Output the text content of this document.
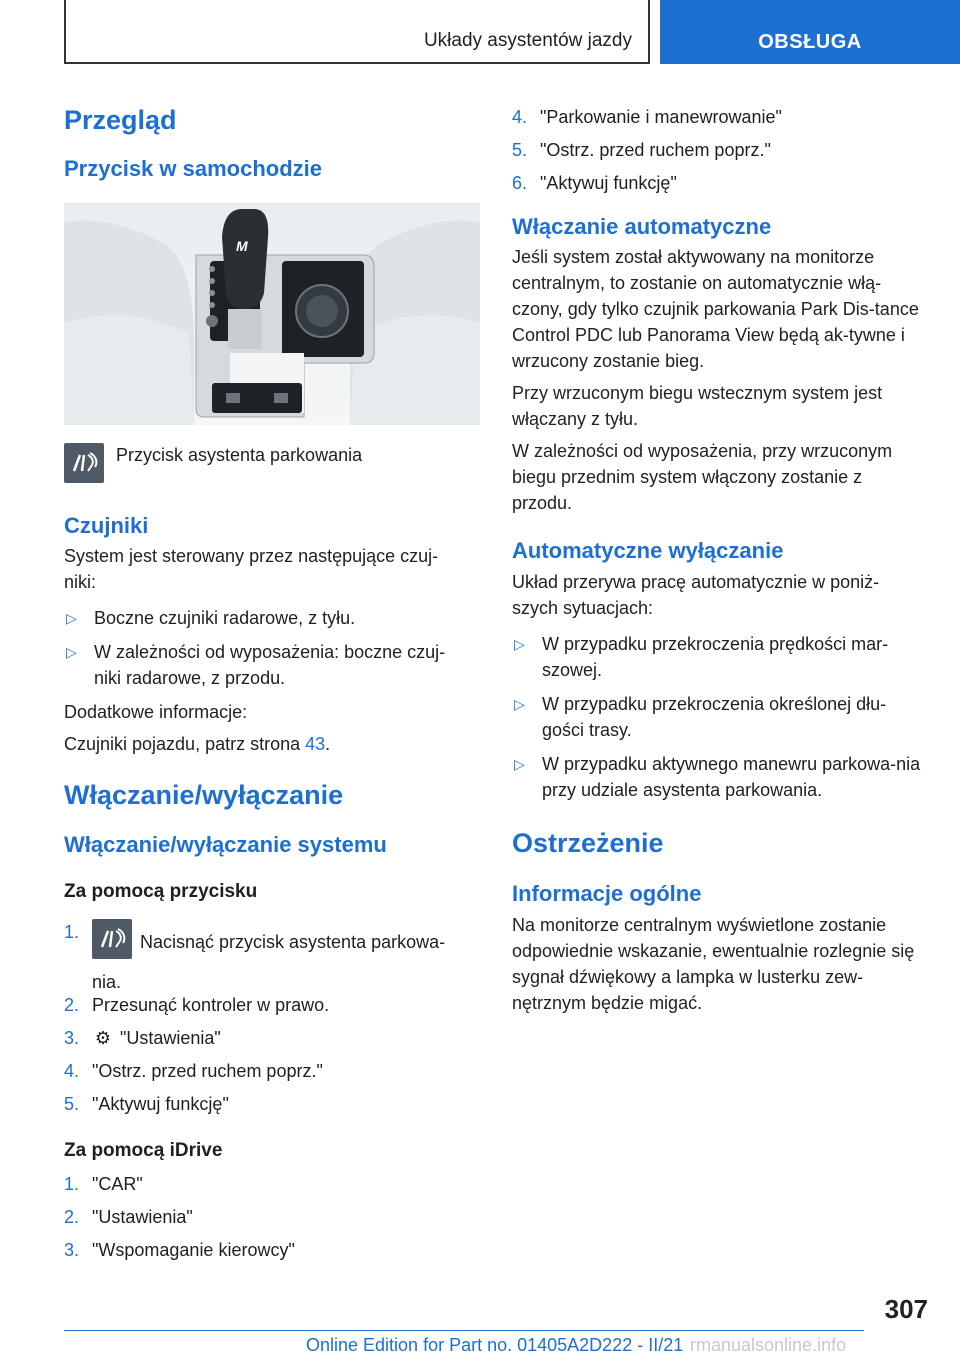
Układy asystentów jazdy	OBSŁUGA
Przegląd
Przycisk w samochodzie
M
Przycisk asystenta parkowania
Czujniki

System jest sterowany przez następujące czuj-
niki:

▷ Boczne czujniki radarowe, z tyłu.
▷ W zależności od wyposażenia: boczne czuj-
niki radarowe, z przodu.

Dodatkowe informacje:

Czujniki pojazdu, patrz strona 43.

Włączanie/wyłączanie
Włączanie/wyłączanie systemu
Za pomocą przycisku
1.	Nacisnąć przycisk asystenta parkowa-
nia.
2. Przesunąć kontroler w prawo.
3. ⚙ "Ustawienia"
4. "Ostrz. przed ruchem poprz."
5. "Aktywuj funkcję"
Za pomocą iDrive
1. "CAR"
2. "Ustawienia"
3. "Wspomaganie kierowcy"
4. "Parkowanie i manewrowanie"
5. "Ostrz. przed ruchem poprz."
6. "Aktywuj funkcję"
Włączanie automatyczne

Jeśli system został aktywowany na monitorze centralnym, to zostanie on automatycznie włą-czony, gdy tylko czujnik parkowania Park Dis-tance Control PDC lub Panorama View będą ak-tywne i wrzucony zostanie bieg.

Przy wrzuconym biegu wstecznym system jest włączany z tyłu.

W zależności od wyposażenia, przy wrzuconym biegu przednim system włączony zostanie z przodu.

Automatyczne wyłączanie

Układ przerywa pracę automatycznie w poniż-szych sytuacjach:

▷ W przypadku przekroczenia prędkości mar-szowej.
▷ W przypadku przekroczenia określonej dłu-gości trasy.
▷ W przypadku aktywnego manewru parkowa-nia przy udziale asystenta parkowania.
Ostrzeżenie
Informacje ogólne

Na monitorze centralnym wyświetlone zostanie odpowiednie wskazanie, ewentualnie rozlegnie się sygnał dźwiękowy a lampka w lusterku zew-nętrznym będzie migać.

307
Online Edition for Part no. 01405A2D222 - II/21 rmanualsonline.info
